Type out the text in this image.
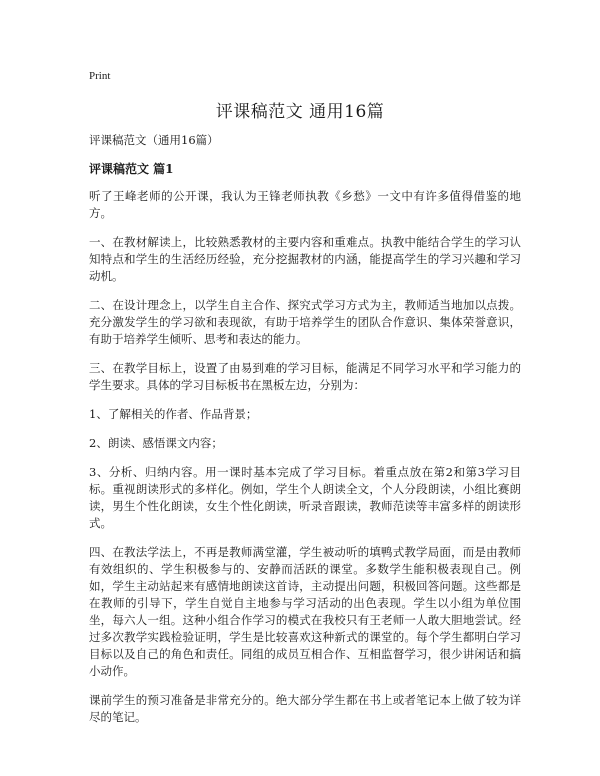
Print
评课稿范文 通用16篇

评课稿范文（通用16篇）

评课稿范文 篇1

听了王峰老师的公开课，我认为王锋老师执教《乡愁》一文中有许多值得借鉴的地方。

一、在教材解读上，比较熟悉教材的主要内容和重难点。执教中能结合学生的学习认知特点和学生的生活经历经验，充分挖掘教材的内涵，能提高学生的学习兴趣和学习动机。

二、在设计理念上，以学生自主合作、探究式学习方式为主，教师适当地加以点拨。充分激发学生的学习欲和表现欲，有助于培养学生的团队合作意识、集体荣誉意识，有助于培养学生倾听、思考和表达的能力。

三、在教学目标上，设置了由易到难的学习目标，能满足不同学习水平和学习能力的学生要求。具体的学习目标板书在黑板左边，分别为：

1、了解相关的作者、作品背景；

2、朗读、感悟课文内容；

3、分析、归纳内容。用一课时基本完成了学习目标。着重点放在第2和第3学习目标。重视朗读形式的多样化。例如，学生个人朗读全文，个人分段朗读，小组比赛朗读，男生个性化朗读，女生个性化朗读，听录音跟读，教师范读等丰富多样的朗读形式。

四、在教法学法上，不再是教师满堂灌，学生被动听的填鸭式教学局面，而是由教师有效组织的、学生积极参与的、安静而活跃的课堂。多数学生能积极表现自己。例如，学生主动站起来有感情地朗读这首诗，主动提出问题，积极回答问题。这些都是在教师的引导下，学生自觉自主地参与学习活动的出色表现。学生以小组为单位围坐，每六人一组。这种小组合作学习的模式在我校只有王老师一人敢大胆地尝试。经过多次教学实践检验证明，学生是比较喜欢这种新式的课堂的。每个学生都明白学习目标以及自己的角色和责任。同组的成员互相合作、互相监督学习，很少讲闲话和搞小动作。

课前学生的预习准备是非常充分的。绝大部分学生都在书上或者笔记本上做了较为详尽的笔记。
